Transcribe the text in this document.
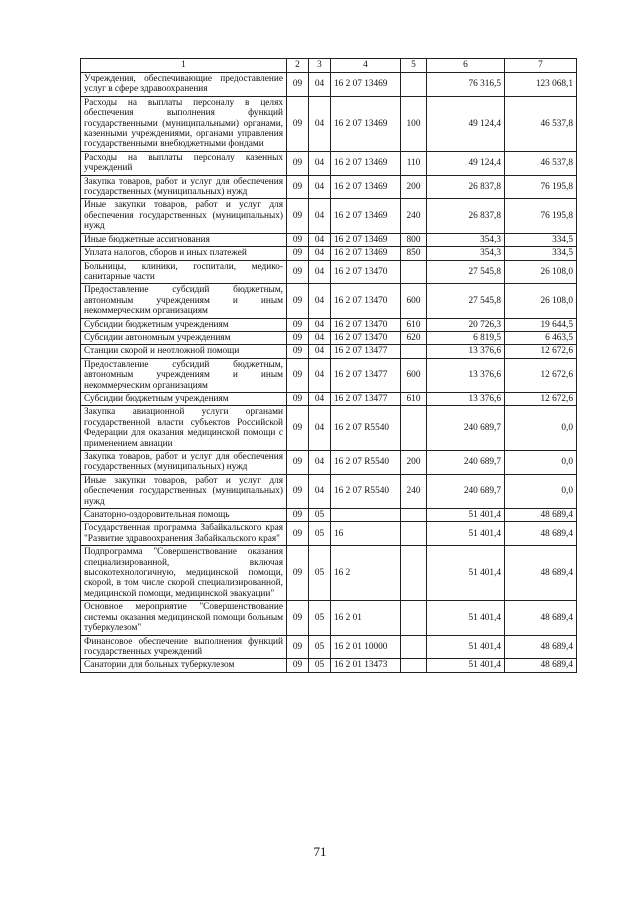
1	2	3	4	5	6	7
Учреждения, обеспечивающие предоставление услуг в сфере здравоохранения	09	04	16 2 07 13469		76 316,5	123 068,1
Расходы на выплаты персоналу в целях обеспечения выполнения функций государственными (муниципальными) органами, казенными учреждениями, органами управления государственными внебюджетными фондами	09	04	16 2 07 13469	100	49 124,4	46 537,8
Расходы на выплаты персоналу казенных учреждений	09	04	16 2 07 13469	110	49 124,4	46 537,8
Закупка товаров, работ и услуг для обеспечения государственных (муниципальных) нужд	09	04	16 2 07 13469	200	26 837,8	76 195,8
Иные закупки товаров, работ и услуг для обеспечения государственных (муниципальных) нужд	09	04	16 2 07 13469	240	26 837,8	76 195,8
Иные бюджетные ассигнования	09	04	16 2 07 13469	800	354,3	334,5
Уплата налогов, сборов и иных платежей	09	04	16 2 07 13469	850	354,3	334,5
Больницы, клиники, госпитали, медико-санитарные части	09	04	16 2 07 13470		27 545,8	26 108,0
Предоставление субсидий бюджетным, автономным учреждениям и иным некоммерческим организациям	09	04	16 2 07 13470	600	27 545,8	26 108,0
Субсидии бюджетным учреждениям	09	04	16 2 07 13470	610	20 726,3	19 644,5
Субсидии автономным учреждениям	09	04	16 2 07 13470	620	6 819,5	6 463,5
Станции скорой и неотложной помощи	09	04	16 2 07 13477		13 376,6	12 672,6
Предоставление субсидий бюджетным, автономным учреждениям и иным некоммерческим организациям	09	04	16 2 07 13477	600	13 376,6	12 672,6
Субсидии бюджетным учреждениям	09	04	16 2 07 13477	610	13 376,6	12 672,6
Закупка авиационной услуги органами государственной власти субъектов Российской Федерации для оказания медицинской помощи с применением авиации	09	04	16 2 07 R5540		240 689,7	0,0
Закупка товаров, работ и услуг для обеспечения государственных (муниципальных) нужд	09	04	16 2 07 R5540	200	240 689,7	0,0
Иные закупки товаров, работ и услуг для обеспечения государственных (муниципальных) нужд	09	04	16 2 07 R5540	240	240 689,7	0,0
Санаторно-оздоровительная помощь	09	05			51 401,4	48 689,4
Государственная программа Забайкальского края "Развитие здравоохранения Забайкальского края"	09	05	16		51 401,4	48 689,4
Подпрограмма "Совершенствование оказания специализированной, включая высокотехнологичную, медицинской помощи, скорой, в том числе скорой специализированной, медицинской помощи, медицинской эвакуации"	09	05	16 2		51 401,4	48 689,4
Основное мероприятие "Совершенствование системы оказания медицинской помощи больным туберкулезом"	09	05	16 2 01		51 401,4	48 689,4
Финансовое обеспечение выполнения функций государственных учреждений	09	05	16 2 01 10000		51 401,4	48 689,4
Санатории для больных туберкулезом	09	05	16 2 01 13473		51 401,4	48 689,4
71
